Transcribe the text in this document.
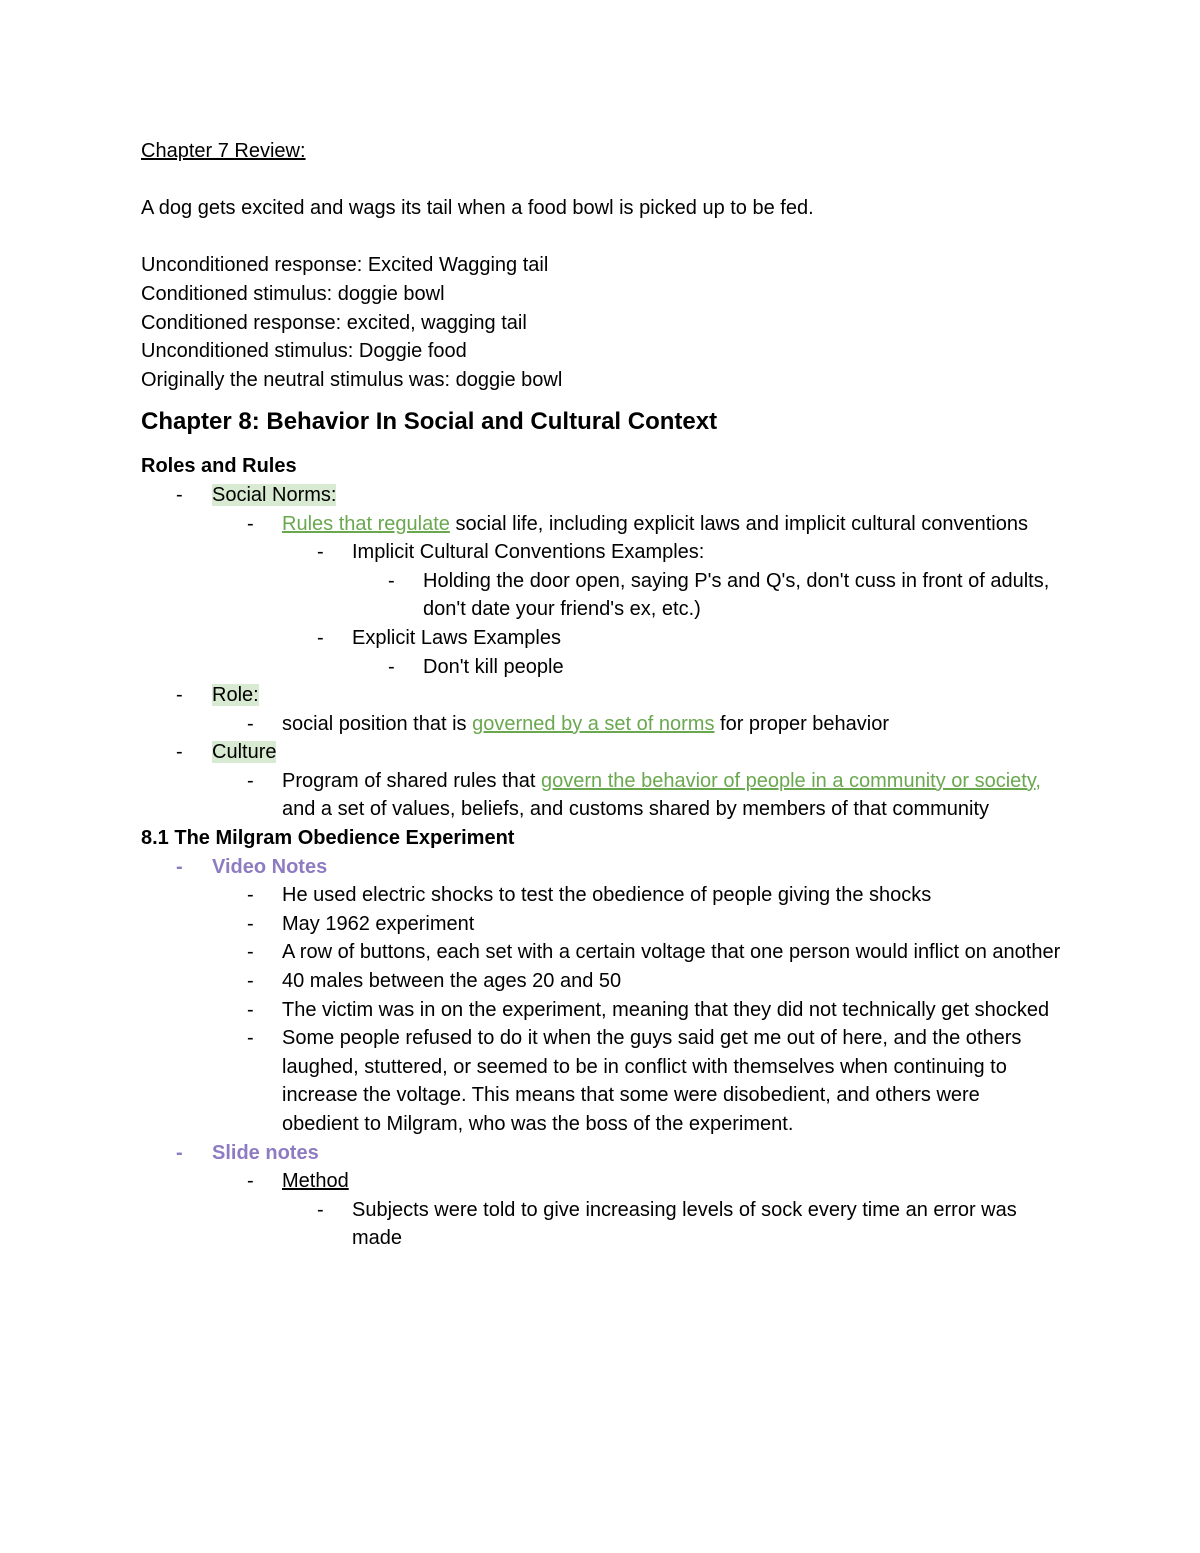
Chapter 7 Review:
A dog gets excited and wags its tail when a food bowl is picked up to be fed.
Unconditioned response: Excited Wagging tail
Conditioned stimulus: doggie bowl
Conditioned response: excited, wagging tail
Unconditioned stimulus: Doggie food
Originally the neutral stimulus was: doggie bowl
Chapter 8: Behavior In Social and Cultural Context
Roles and Rules
- Social Norms:
- Rules that regulate social life, including explicit laws and implicit cultural conventions
- Implicit Cultural Conventions Examples:
- Holding the door open, saying P's and Q's, don't cuss in front of adults, don't date your friend's ex, etc.)
- Explicit Laws Examples
- Don't kill people
- Role:
- social position that is governed by a set of norms for proper behavior
- Culture
- Program of shared rules that govern the behavior of people in a community or society, and a set of values, beliefs, and customs shared by members of that community
8.1 The Milgram Obedience Experiment
- Video Notes
- He used electric shocks to test the obedience of people giving the shocks
- May 1962 experiment
- A row of buttons, each set with a certain voltage that one person would inflict on another
- 40 males between the ages 20 and 50
- The victim was in on the experiment, meaning that they did not technically get shocked
- Some people refused to do it when the guys said get me out of here, and the others laughed, stuttered, or seemed to be in conflict with themselves when continuing to increase the voltage. This means that some were disobedient, and others were obedient to Milgram, who was the boss of the experiment.
- Slide notes
- Method
- Subjects were told to give increasing levels of sock every time an error was made
